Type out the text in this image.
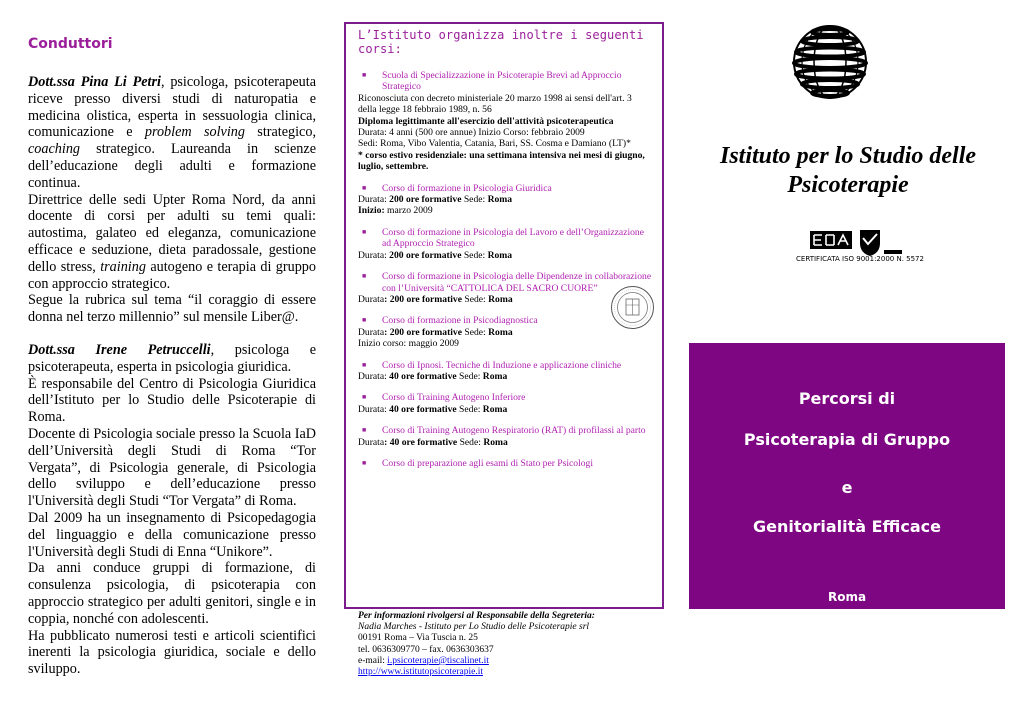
Conduttori

Dott.ssa Pina Li Petri, psicologa, psicoterapeuta riceve presso diversi studi di naturopatia e medicina olistica, esperta in sessuologia clinica, comunicazione e problem solving strategico, coaching strategico. Laureanda in scienze dell’educazione degli adulti e formazione continua.

Direttrice delle sedi Upter Roma Nord, da anni docente di corsi per adulti su temi quali: autostima, galateo ed eleganza, comunicazione efficace e seduzione, dieta paradossale, gestione dello stress, training autogeno e terapia di gruppo con approccio strategico.

Segue la rubrica sul tema “il coraggio di essere donna nel terzo millennio” sul mensile Liber@.

Dott.ssa Irene Petruccelli, psicologa e psicoterapeuta, esperta in psicologia giuridica.

È responsabile del Centro di Psicologia Giuridica dell’Istituto per lo Studio delle Psicoterapie di Roma.

Docente di Psicologia sociale presso la Scuola IaD dell’Università degli Studi di Roma “Tor Vergata”, di Psicologia generale, di Psicologia dello sviluppo e dell’educazione presso l'Università degli Studi “Tor Vergata” di Roma.

Dal 2009 ha un insegnamento di Psicopedagogia del linguaggio e della comunicazione presso l'Università degli Studi di Enna “Unikore”.

Da anni conduce gruppi di formazione, di consulenza psicologia, di psicoterapia con approccio strategico per adulti genitori, single e in coppia, nonché con adolescenti.

Ha pubblicato numerosi testi e articoli scientifici inerenti la psicologia giuridica, sociale e dello sviluppo.

L’Istituto organizza inoltre i seguenti corsi:
■ Scuola di Specializzazione in Psicoterapie Brevi ad Approccio Strategico
Riconosciuta con decreto ministeriale 20 marzo 1998 ai sensi dell'art. 3 della legge 18 febbraio 1989, n. 56
Diploma legittimante all'esercizio dell'attività psicoterapeutica
Durata: 4 anni (500 ore annue) Inizio Corso: febbraio 2009
Sedi: Roma, Vibo Valentia, Catania, Bari, SS. Cosma e Damiano (LT)*
* corso estivo residenziale: una settimana intensiva nei mesi di giugno, luglio, settembre.
■ Corso di formazione in Psicologia Giuridica
Durata: 200 ore formative Sede: Roma
Inizio: marzo 2009
■ Corso di formazione in Psicologia del Lavoro e dell’Organizzazione ad Approccio Strategico
Durata: 200 ore formative Sede: Roma
■ Corso di formazione in Psicologia delle Dipendenze in collaborazione con l’Università “CATTOLICA DEL SACRO CUORE”
Durata: 200 ore formative Sede: Roma
■ Corso di formazione in Psicodiagnostica
Durata: 200 ore formative Sede: Roma
Inizio corso: maggio 2009
■ Corso di Ipnosi. Tecniche di Induzione e applicazione cliniche
Durata: 40 ore formative Sede: Roma
■ Corso di Training Autogeno Inferiore
Durata: 40 ore formative Sede: Roma
■ Corso di Training Autogeno Respiratorio (RAT) di profilassi al parto
Durata: 40 ore formative Sede: Roma
■ Corso di preparazione agli esami di Stato per Psicologi
Per informazioni rivolgersi al Responsabile della Segreteria:
Nadia Marches - Istituto per Lo Studio delle Psicoterapie srl
00191 Roma – Via Tuscia n. 25
tel. 0636309770 – fax. 0636303637
e-mail: i.psicoterapie@tiscalinet.it
http://www.istitutopsicoterapie.it
Istituto per lo Studio delle
Psicoterapie
CERTIFICATA ISO 9001:2000 N. 5572
Percorsi di
Psicoterapia di Gruppo
e
Genitorialità Efficace
Roma
